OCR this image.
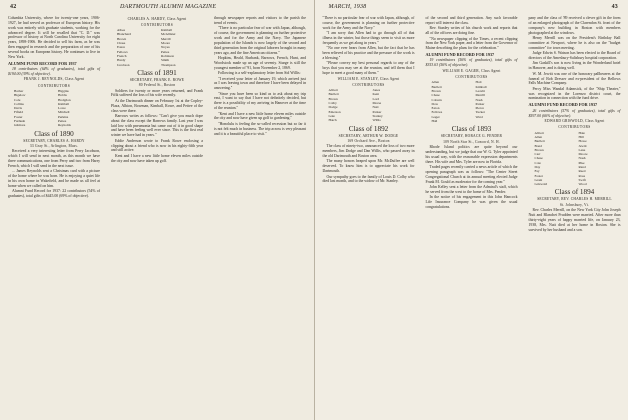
42	DARTMOUTH ALUMNI MAGAZINE

Columbia University, where for twenty-one years, 1906-1927, he had served as professor of European history. His work was entirely with graduate students, working for the advanced degree. It will be recalled that "C. D." was professor of history at North Carolina University for eight years, 1898-1906. He decided to sell his farm, as he was then engaged in research and the preparation of one of his several books on European history. He continues to live in New York.

ALUMNI FUND RECORD FOR 1937

18 contributors (64% of graduates), total gifts of $194.00 (39% of objective).

FRANK J. REYNOLDS, Class Agent
CONTRIBUTORS
Barber
Bigelow
Cole
Collins
Davis
Fifield
Foster
Furbush
Gilmore
Higgins
Hobbs
Hodgdon
Kimball
Lowe
Mitchell
Perkins
Pettee
Reynolds
Class of 1890
SECRETARY, CHARLES A. HARDY
33 Gray St., Arlington, Mass.

Received a very interesting letter from Perry Jacobson, which I will send in next month, as this month we have three communications, one from Perry and two from Harry French, which I will send in the next issue.

... James Reynolds sent a Christmas card with a picture of the home where he was born. He is enjoying a quiet life in his own home in Wakefield, and he made us all feel at home when we called on him.

Alumni Fund Record for 1937: 22 contributors (54% of graduates), total gifts of $445.00 (69% of objective).

CHARLES A. HARDY, Class Agent
CONTRIBUTORS
Albee
Blanchard
Brown
Chase
Eaton
Fellows
French
Hardy
Jacobson
Kimball
McAllister
Merrill
Moore
Noyes
Pettee
Robinson
Smith
Thompson
Class of 1891
SECRETARY, FRANK E. ROWE
80 Federal St., Boston

Soldiers for twenty or more years returned, and Frank Fifik suffered the loss of his wife recently.

At the Dartmouth dinner on February 1st at the Copley-Plaza, Albion, Bowman, Kimball, Rowe, and Pettee of the class were there.

Barrows writes as follows: "Can't give you much dope about the class except the Barrows family. Last year I was laid low with pneumonia but came out of it in good shape and have been feeling well ever since. This is the first real winter we have had in years."

Eddie Anderson wrote to Frank Rowe enclosing a clipping about a friend who is now in his eighty-fifth year and still active.

Kent and I have a new little home eleven miles outside the city and now have taken up golf.

through newspaper reports and visitors to the parish the trend of events.

"There is no particular fear of war with Japan, although, of course, the government is planning on further protective work and for the Army and the Navy. The Japanese population of the Islands is now largely of the second and third generation from the original laborers brought in many years ago, and the fine American citizens."

Hopkins, Heald, Burbank, Barrows, French, Hunt, and Woodstock made up an age of seventy. Sturge is still the youngest member of '91, born November 2, 1869.

Following is a self-explanatory letter from Sid Willis:

"I received your letter of January 19, which arrived just as I was leaving town and therefore I have been delayed in answering."

"Since you have been so kind as to ask about my trip east, I want to say that I have not definitely decided, but there is a possibility of my arriving in Hanover at the time of the reunion."

"Kent and I have a new little home eleven miles outside the city and now have given up golf to gardening."

"Honolulu is feeling the so-called recession but so far it is not felt much in business. The trip across is very pleasant and it is a beautiful place to visit."

MARCH, 1938	43

"There is no particular fear of war with Japan, although, of course, the government is planning on further protective work for the Army and the Navy."

"I am sorry that Allen had to go through all of that illness in the winter, but those things seem to visit us more frequently as we get along in years."

"No one ever hears from Allen, but the fact that he has been relieved of his practice and the pressure of the work is a blessing."

"Please convey my best personal regards to any of the boys that you may see at the reunion, and tell them that I hope to meet a good many of them."

WILLIAM E. STANLEY, Class Agent
CONTRIBUTORS
Abbott
Bartlett
Brown
Colby
Dodge
Emerson
Gale
Hatch
Jones
Kent
Lord
Morse
Nutt
Parker
Stanley
Willis
Class of 1892
SECRETARY, ARTHUR W. DODGE
169 Orchard Ave., Boston

The class of ninety-two, announced the loss of two more members, Jim Dodge and Dan Willis, who passed away in the old Dartmouth and Boston area.

The many honors heaped upon Mr. McDuffee are well deserved. To know him is to appreciate his work for Dartmouth.

Our sympathy goes to the family of Louis D. Colby who died last month, and to the widow of Mr. Stanley.

of the second and third generation. Any such favorable report will interest the class.

Rev. Stanley writes of his church work and reports that all of the officers are doing fine.

"No newspaper clipping of the Times, a recent clipping from the New York paper, and a letter from the Governor of Maine describing the plans for the celebration."

ALUMNI FUND RECORD FOR 1937

19 contributors (56% of graduates), total gifts of $353.63 (56% of objective).

WILLIAM E. GAGER, Class Agent
CONTRIBUTORS
Allen
Bartlett
Brown
Chase
Coburn
Dow
Eaton
Fellows
Gager
Hall
Holt
Kimball
Leavitt
Merrill
Nash
Parker
Pierce
Tucker
Ward
Class of 1893
SECRETARY, HORACE G. PENDER
109 North Star St., Concord, N. H.

Rhode Island politics are quite beyond our understanding, but we judge that our W. G. Tyler appointed his usual way, with the reasonable expression departments there. His wife and Mrs. Tyler are now in Florida.

Traded pages recently carried a news article of which the opening paragraph was as follows: "The Center Street Congregational Church at its annual meeting elected Judge Frank M. Gould as moderator for the coming year."

John Kelley sent a letter from the Admiral's staff, which he served from the west to the home of Mrs. Pender.

In the notice of his engagement in this John Hancock Life Insurance Company he was given the usual congratulations.

pany and the class of '89 received a clever gift in the form of an enlarged photograph of the Clarendon St. front of the company's new building in Boston with members photographed at the windows.

Henry Merrill was on the President's Birthday Ball committee at Newport, where he is also on the "budget committee" for town meeting.

Judge Edwin S. Watson has been elected to the Board of directors of the Amesbury-Salisbury hospital corporation.

Jim Gaskill's son is now living in the Wonderland hotel in Hanover, and is doing well.

W. M. Jewitt was one of the honorary pallbearers at the funeral of Bob Dresser and ex-president of the Bellows Falls Machine Company.

Percy Miss Wandal Adamsick, of the "Ship Theater," was recognized in the Lorenzo district court, the nomination in connection with the fund drive.

ALUMNI FUND RECORD FOR 1937

26 contributors (57% of graduates), total gifts of $597.00 (66% of objective).

EDWARD GRISWOLD, Class Agent
CONTRIBUTORS
Abbott
Allen
Bartlett
Bond
Brown
Carr
Chase
Cole
Day
Fay
Foster
Grant
Griswold
Hale
Hill
Howe
Jewitt
Lane
Moore
Nash
Pike
Rand
Reed
Ross
Swift
Wood
Class of 1894
SECRETARY, REV. CHARLES H. MERRILL
St. Johnsbury, Vt.

Rev. Charles Merrill, on the New York City John Joseph Nutt and Blanchet Prudden were married. After more than thirty-eight years of happy married life, on January 23, 1938, Mrs. Nutt died at her home in Boston. She is survived by her husband and a son.
